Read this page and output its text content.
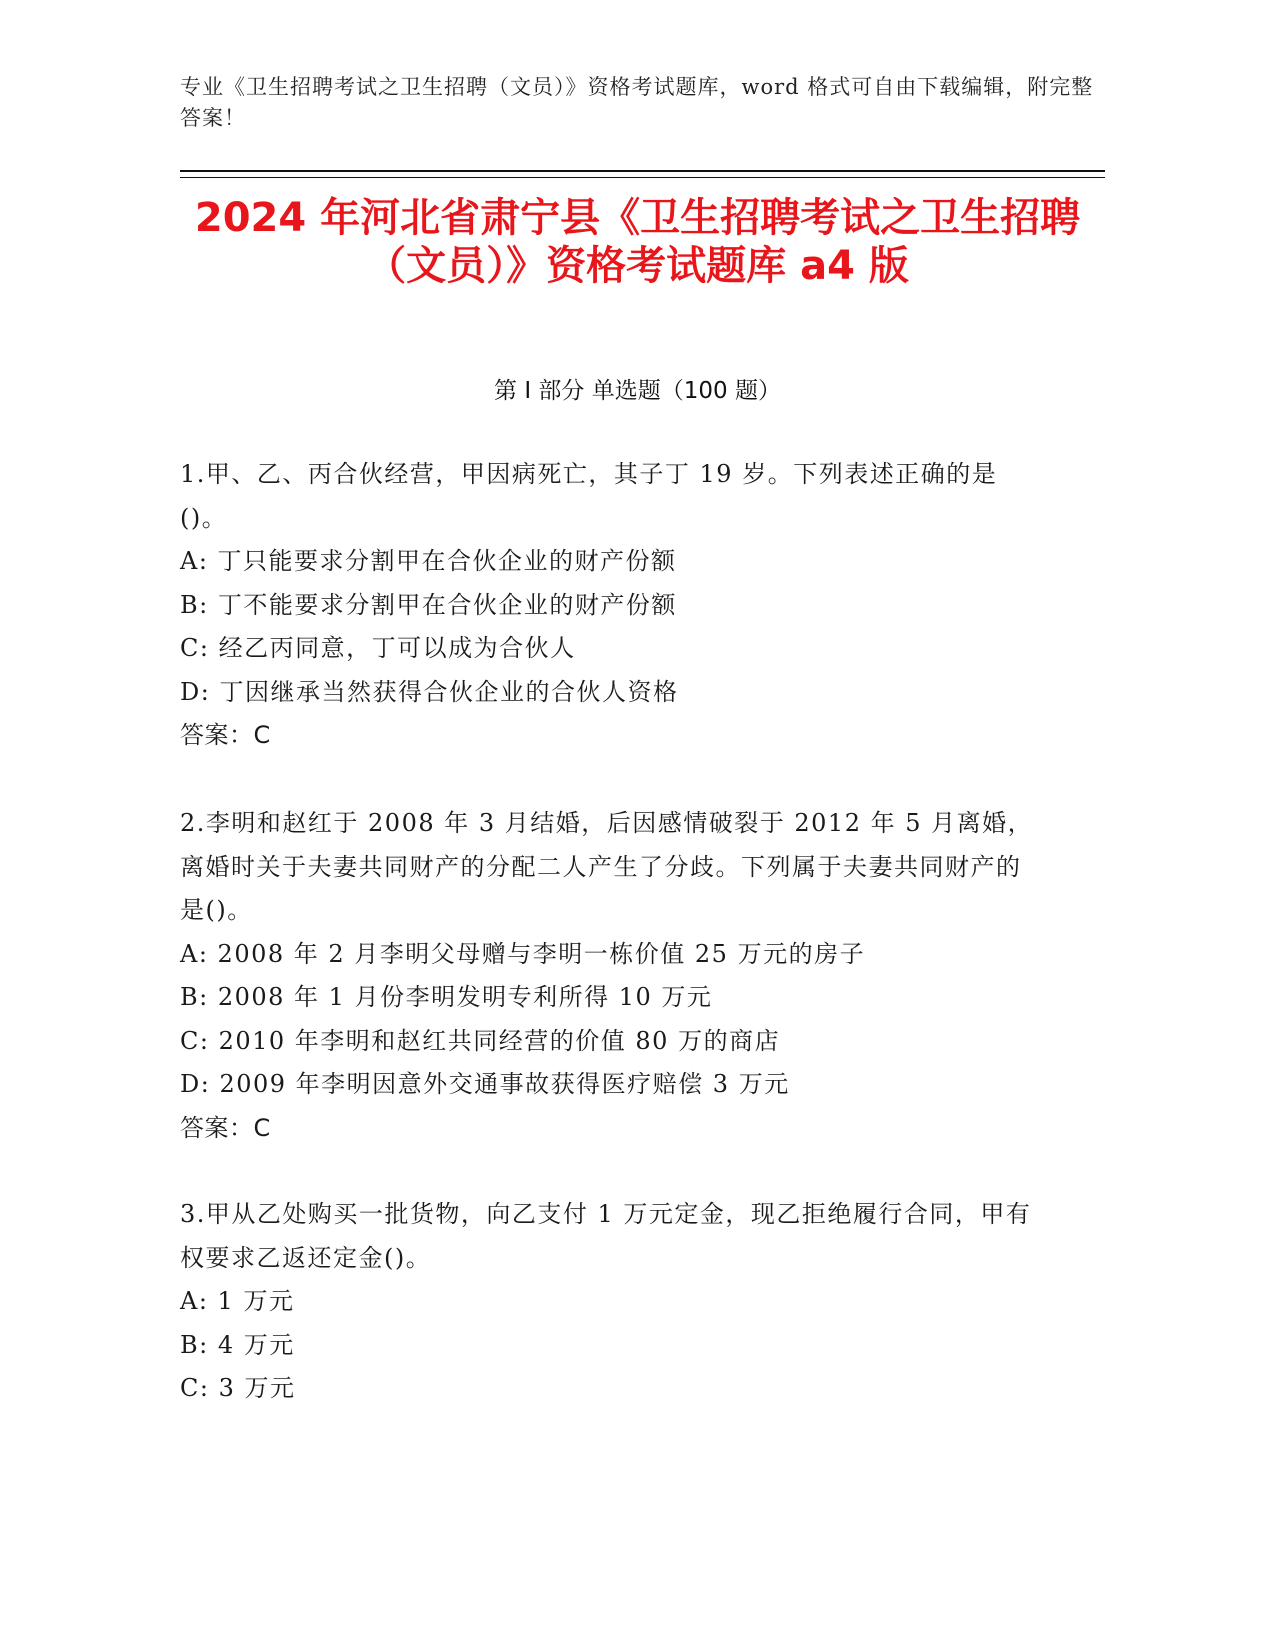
专业《卫生招聘考试之卫生招聘（文员）》资格考试题库，word 格式可自由下载编辑，附完整答案！
2024 年河北省肃宁县《卫生招聘考试之卫生招聘（文员）》资格考试题库 a4 版
第 I 部分 单选题（100 题）

1.甲、乙、丙合伙经营，甲因病死亡，其子丁 19 岁。下列表述正确的是()。

A: 丁只能要求分割甲在合伙企业的财产份额

B: 丁不能要求分割甲在合伙企业的财产份额

C: 经乙丙同意，丁可以成为合伙人

D: 丁因继承当然获得合伙企业的合伙人资格

答案：C

2.李明和赵红于 2008 年 3 月结婚，后因感情破裂于 2012 年 5 月离婚，离婚时关于夫妻共同财产的分配二人产生了分歧。下列属于夫妻共同财产的是()。

A: 2008 年 2 月李明父母赠与李明一栋价值 25 万元的房子

B: 2008 年 1 月份李明发明专利所得 10 万元

C: 2010 年李明和赵红共同经营的价值 80 万的商店

D: 2009 年李明因意外交通事故获得医疗赔偿 3 万元

答案：C

3.甲从乙处购买一批货物，向乙支付 1 万元定金，现乙拒绝履行合同，甲有权要求乙返还定金()。

A: 1 万元

B: 4 万元

C: 3 万元
